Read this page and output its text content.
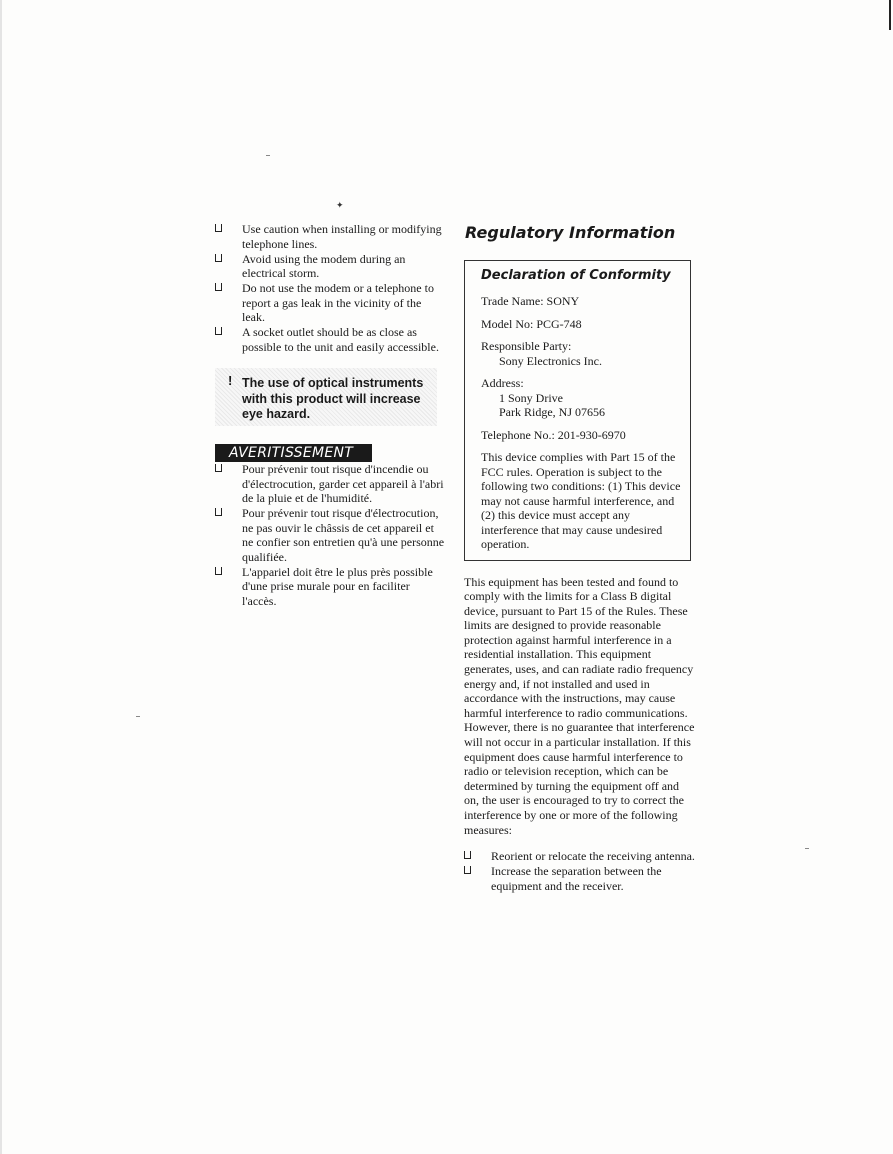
✦
Use caution when installing or modifying telephone lines.
Avoid using the modem during an electrical storm.
Do not use the modem or a telephone to report a gas leak in the vicinity of the leak.
A socket outlet should be as close as possible to the unit and easily accessible.
! The use of optical instruments with this product will increase eye hazard.
AVERITISSEMENT
Pour prévenir tout risque d'incendie ou d'électrocution, garder cet appareil à l'abri de la pluie et de l'humidité.
Pour prévenir tout risque d'électrocution, ne pas ouvir le châssis de cet appareil et ne confier son entretien qu'à une personne qualifiée.
L'appariel doit être le plus près possible d'une prise murale pour en faciliter l'accès.
Regulatory Information
Declaration of Conformity

Trade Name: SONY

Model No: PCG-748

Responsible Party:
Sony Electronics Inc.

Address:
1 Sony Drive
Park Ridge, NJ 07656

Telephone No.: 201-930-6970

This device complies with Part 15 of the FCC rules. Operation is subject to the following two conditions: (1) This device may not cause harmful interference, and (2) this device must accept any interference that may cause undesired operation.

This equipment has been tested and found to comply with the limits for a Class B digital device, pursuant to Part 15 of the Rules. These limits are designed to provide reasonable protection against harmful interference in a residential installation. This equipment generates, uses, and can radiate radio frequency energy and, if not installed and used in accordance with the instructions, may cause harmful interference to radio communications. However, there is no guarantee that interference will not occur in a particular installation. If this equipment does cause harmful interference to radio or television reception, which can be determined by turning the equipment off and on, the user is encouraged to try to correct the interference by one or more of the following measures:

Reorient or relocate the receiving antenna.
Increase the separation between the equipment and the receiver.
